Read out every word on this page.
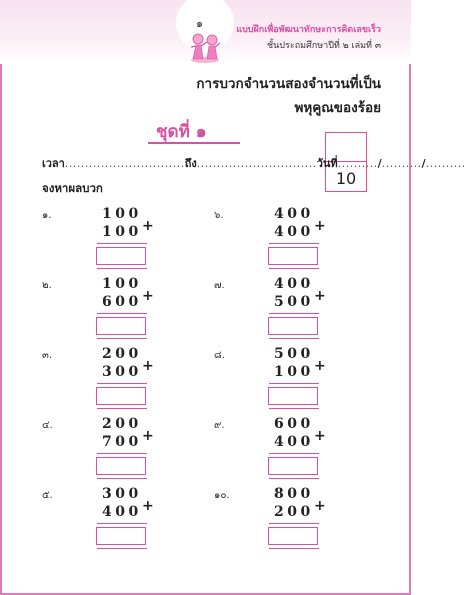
๑	แบบฝึกเพื่อพัฒนาทักษะการคิดเลขเร็ว
ชั้นประถมศึกษาปีที่ ๒ เล่มที่ ๓
การบวกจำนวนสองจำนวนที่เป็น
พหุคูณของร้อย
ชุดที่ ๑
10
เวลา..............................ถึง..............................วันที่........../........../..........
จงหาผลบวก
๑.	100
100 +
๒.	100
600 +
๓.	200
300 +
๔.	200
700 +
๕.	300
400 +
๖.	400
400 +
๗.	400
500 +
๘.	500
100 +
๙.	600
400 +
๑๐.	800
200 +
